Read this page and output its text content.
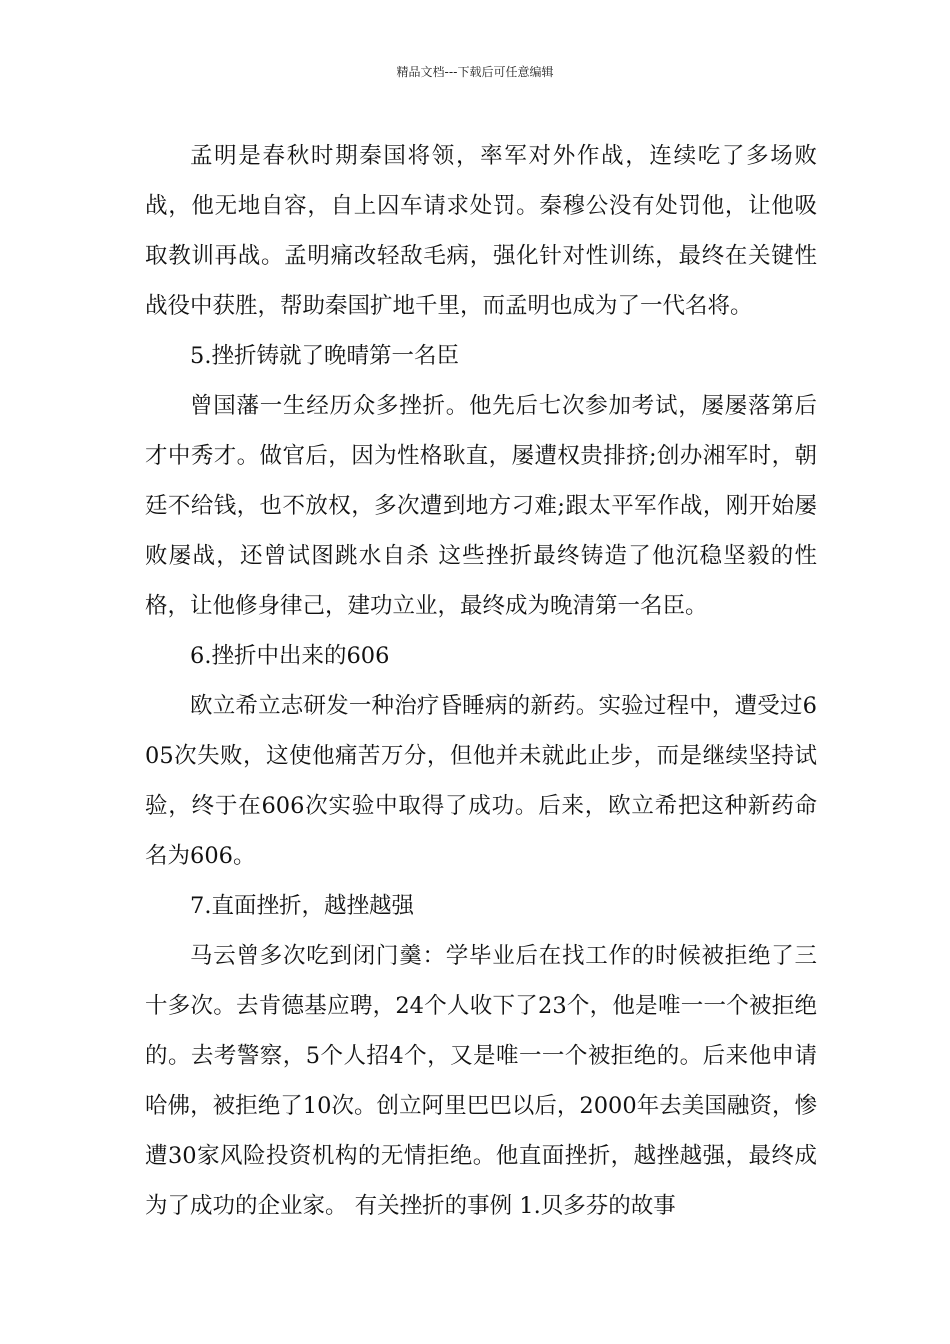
精品文档---下载后可任意编辑

孟明是春秋时期秦国将领，率军对外作战，连续吃了多场败战，他无地自容，自上囚车请求处罚。秦穆公没有处罚他，让他吸取教训再战。孟明痛改轻敌毛病，强化针对性训练，最终在关键性战役中获胜，帮助秦国扩地千里，而孟明也成为了一代名将。

5.挫折铸就了晚晴第一名臣

曾国藩一生经历众多挫折。他先后七次参加考试，屡屡落第后才中秀才。做官后，因为性格耿直，屡遭权贵排挤;创办湘军时，朝廷不给钱，也不放权，多次遭到地方刁难;跟太平军作战，刚开始屡败屡战，还曾试图跳水自杀 这些挫折最终铸造了他沉稳坚毅的性格，让他修身律己，建功立业，最终成为晚清第一名臣。

6.挫折中出来的606

欧立希立志研发一种治疗昏睡病的新药。实验过程中，遭受过605次失败，这使他痛苦万分，但他并未就此止步，而是继续坚持试验，终于在606次实验中取得了成功。后来，欧立希把这种新药命名为606。

7.直面挫折，越挫越强

马云曾多次吃到闭门羹：学毕业后在找工作的时候被拒绝了三十多次。去肯德基应聘，24个人收下了23个，他是唯一一个被拒绝的。去考警察，5个人招4个，又是唯一一个被拒绝的。后来他申请哈佛，被拒绝了10次。创立阿里巴巴以后，2000年去美国融资，惨遭30家风险投资机构的无情拒绝。他直面挫折，越挫越强，最终成为了成功的企业家。 有关挫折的事例 1.贝多芬的故事
